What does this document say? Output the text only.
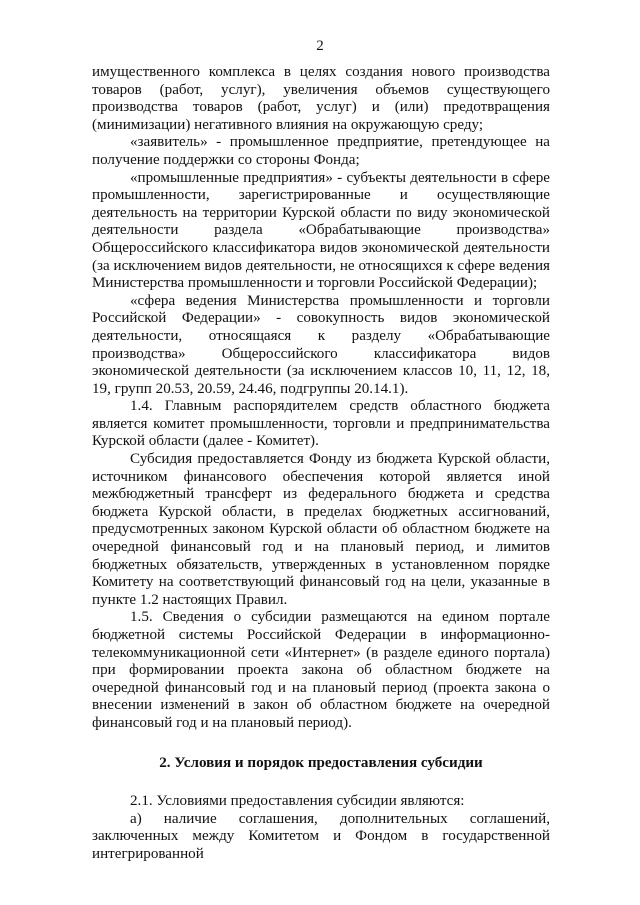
2

имущественного комплекса в целях создания нового производства товаров (работ, услуг), увеличения объемов существующего производства товаров (работ, услуг) и (или) предотвращения (минимизации) негативного влияния на окружающую среду;

«заявитель» - промышленное предприятие, претендующее на получение поддержки со стороны Фонда;

«промышленные предприятия» - субъекты деятельности в сфере промышленности, зарегистрированные и осуществляющие деятельность на территории Курской области по виду экономической деятельности раздела «Обрабатывающие производства» Общероссийского классификатора видов экономической деятельности (за исключением видов деятельности, не относящихся к сфере ведения Министерства промышленности и торговли Российской Федерации);

«сфера ведения Министерства промышленности и торговли Российской Федерации» - совокупность видов экономической деятельности, относящаяся к разделу «Обрабатывающие производства» Общероссийского классификатора видов экономической деятельности (за исключением классов 10, 11, 12, 18, 19, групп 20.53, 20.59, 24.46, подгруппы 20.14.1).

1.4. Главным распорядителем средств областного бюджета является комитет промышленности, торговли и предпринимательства Курской области (далее - Комитет).

Субсидия предоставляется Фонду из бюджета Курской области, источником финансового обеспечения которой является иной межбюджетный трансферт из федерального бюджета и средства бюджета Курской области, в пределах бюджетных ассигнований, предусмотренных законом Курской области об областном бюджете на очередной финансовый год и на плановый период, и лимитов бюджетных обязательств, утвержденных в установленном порядке Комитету на соответствующий финансовый год на цели, указанные в пункте 1.2 настоящих Правил.

1.5. Сведения о субсидии размещаются на едином портале бюджетной системы Российской Федерации в информационно-телекоммуникационной сети «Интернет» (в разделе единого портала) при формировании проекта закона об областном бюджете на очередной финансовый год и на плановый период (проекта закона о внесении изменений в закон об областном бюджете на очередной финансовый год и на плановый период).

2. Условия и порядок предоставления субсидии

2.1. Условиями предоставления субсидии являются:

а) наличие соглашения, дополнительных соглашений, заключенных между Комитетом и Фондом в государственной интегрированной
